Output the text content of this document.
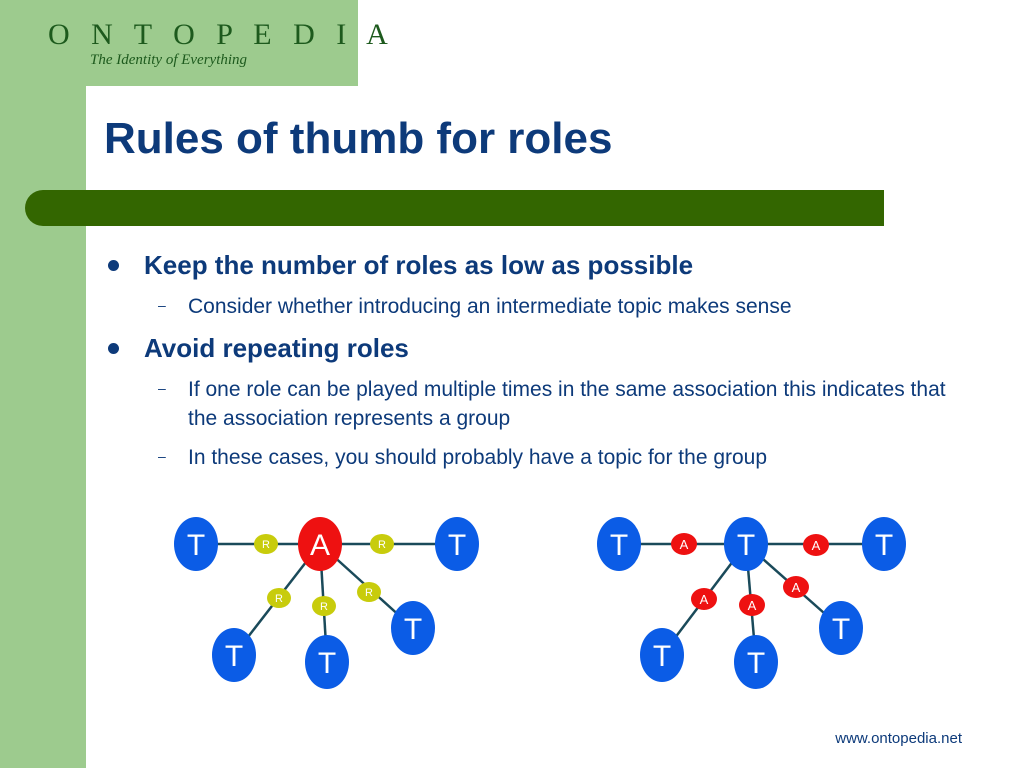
O N T O P E D I A
The Identity of Everything
Rules of thumb for roles
Keep the number of roles as low as possible
– Consider whether introducing an intermediate topic makes sense
Avoid repeating roles
– If one role can be played multiple times in the same association this indicates that the association represents a group
– In these cases, you should probably have a topic for the group
T	T
T T
T
A
R	R
R
R
R
T	T	T
T	T
T
A	A
A	A
A
www.ontopedia.net
